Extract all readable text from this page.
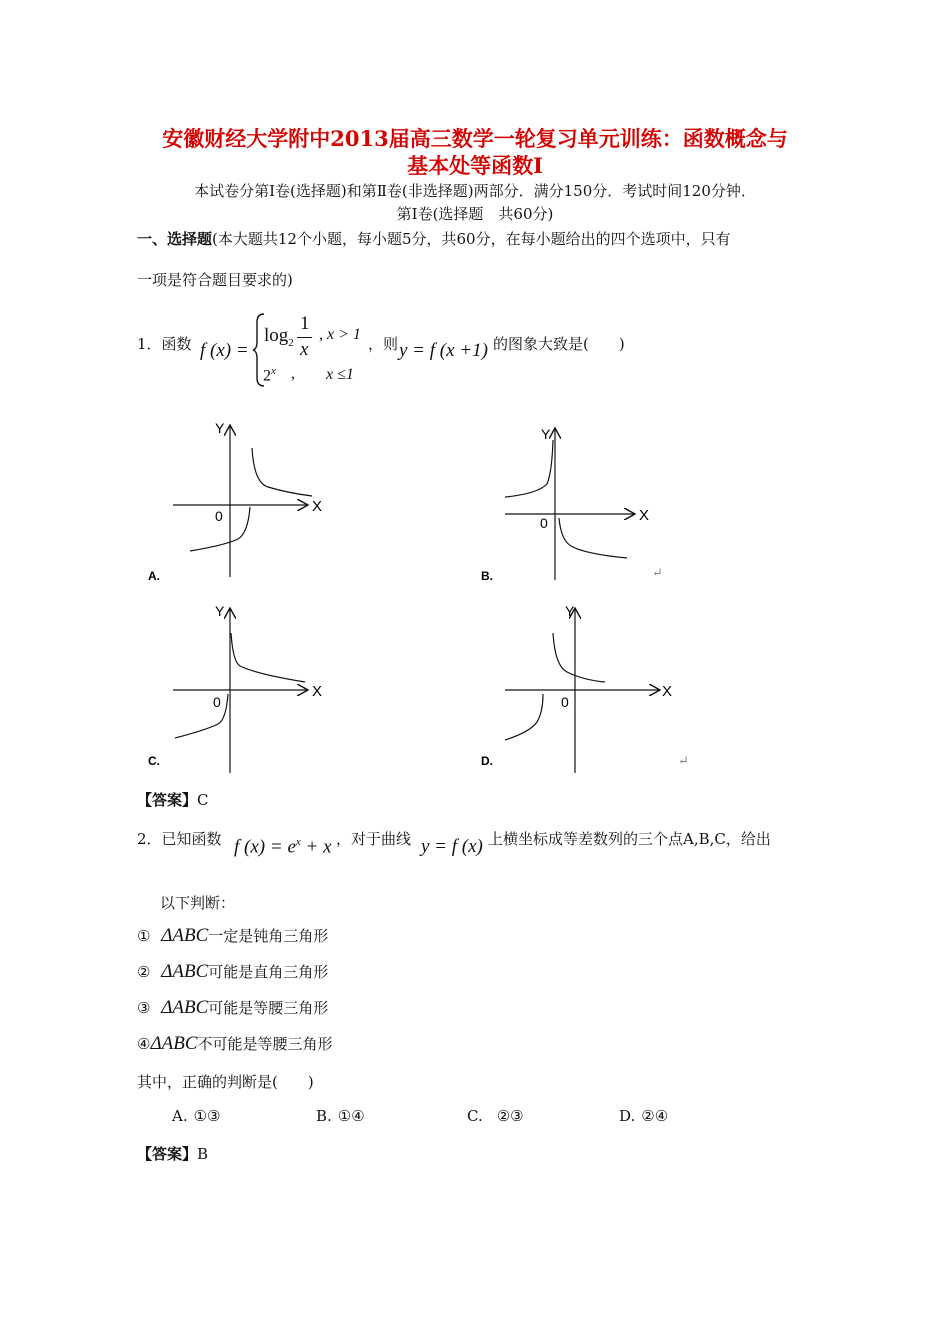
安徽财经大学附中2013届高三数学一轮复习单元训练：函数概念与
基本处等函数I
本试卷分第Ⅰ卷(选择题)和第Ⅱ卷(非选择题)两部分．满分150分．考试时间120分钟．
第Ⅰ卷(选择题　共60分)
一、选择题(本大题共12个小题，每小题5分，共60分，在每小题给出的四个选项中，只有
一项是符合题目要求的)
1．函数 f (x) =
$\log_2$
1
x
, x > 1
2$^x$ , x ≤1
，则 y = f (x +1) 的图象大致是(　　)
X
Y
0
A.
X
Y
0
B.	↵
X
Y
0
C.
X
Y
0
D.	↵
【答案】C
2．已知函数 f $(x) = e^x + x$ ，对于曲线 y = f (x) 上横坐标成等差数列的三个点A,B,C，给出
以下判断：
① ΔABC一定是钝角三角形
② ΔABC可能是直角三角形
③ ΔABC可能是等腰三角形
④ΔABC不可能是等腰三角形
其中，正确的判断是(　　)
A. ①③	B. ①④	C. ②③	D. ②④
【答案】B
